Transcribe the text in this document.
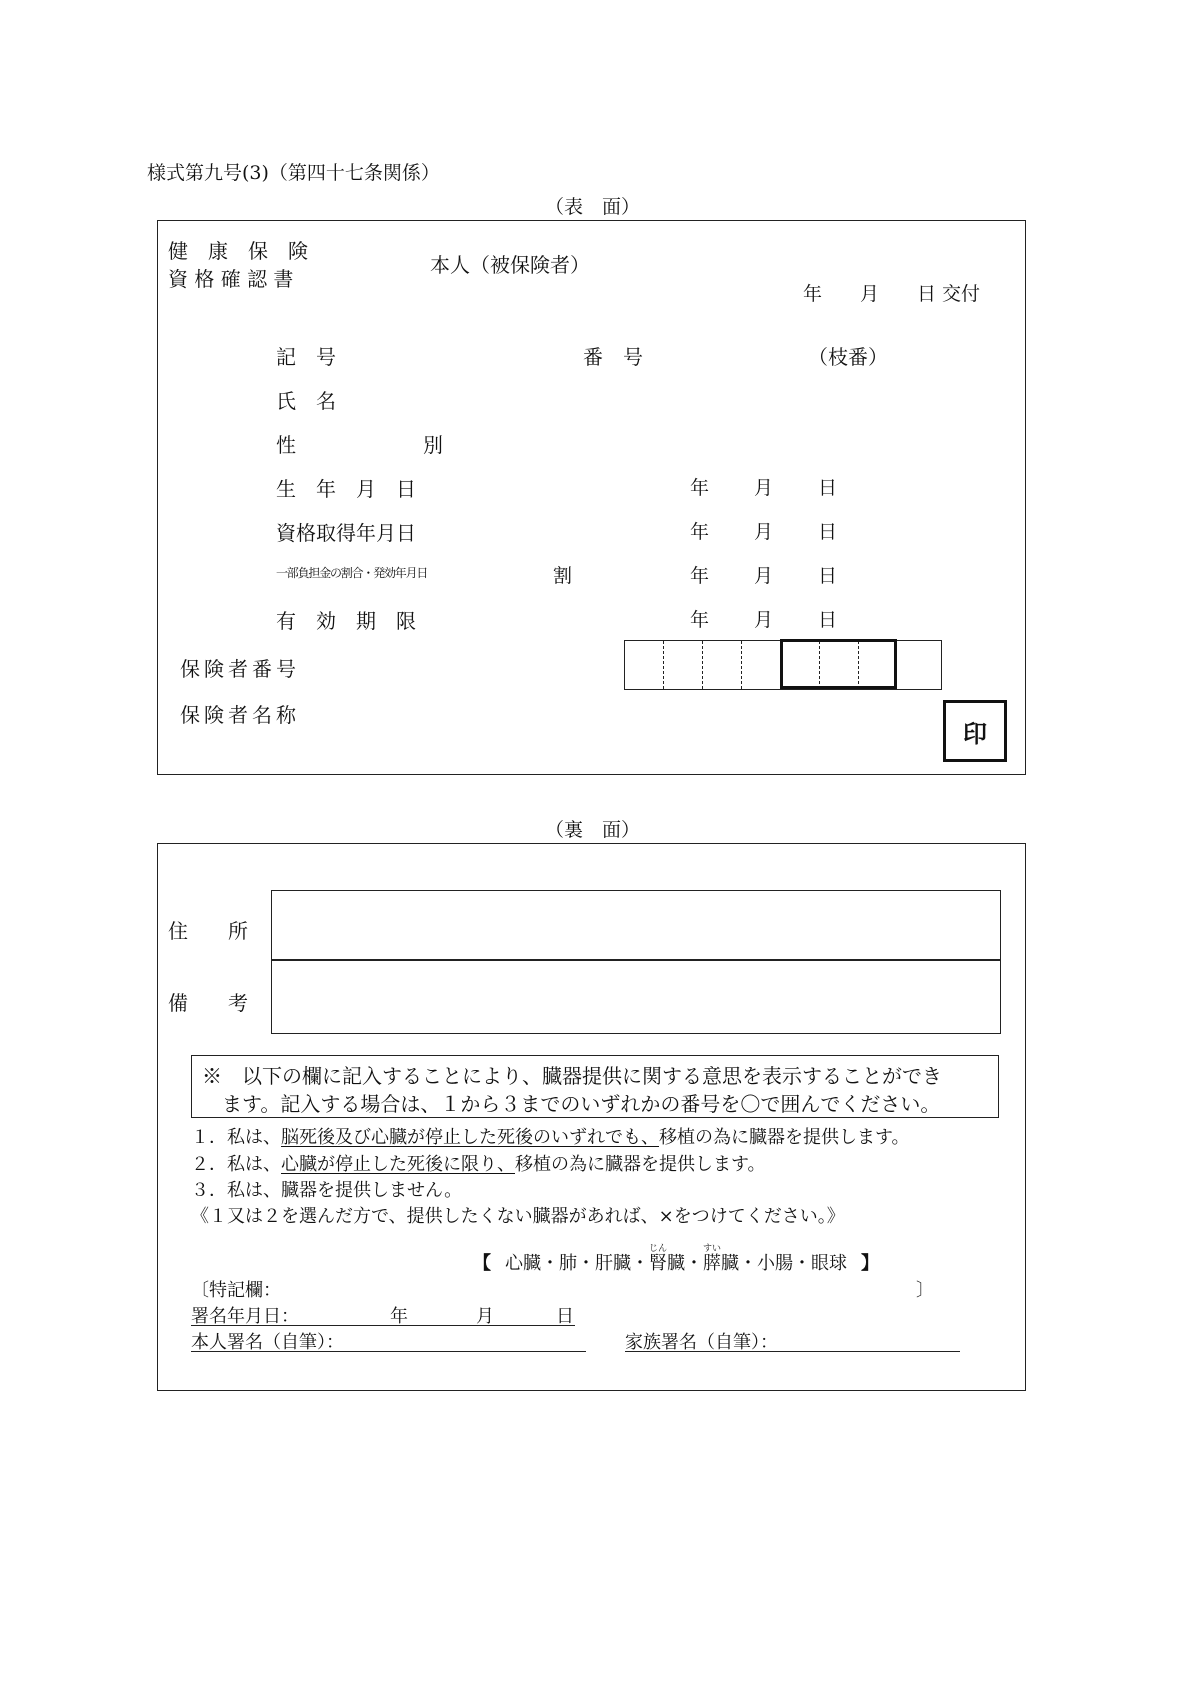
様式第九号(3)（第四十七条関係）
（表　面）
健　康　保　険
資 格 確 認 書
本人（被保険者）
年　　月　　日 交付
記　号	番　号	（枝番）
氏　名
性	別
生　年　月　日	年 月 日
資格取得年月日	年 月 日
一部負担金の割合・発効年月日	割	年 月 日
有　効　期　限	年 月 日
保険者番号
保険者名称
印
（裏　面）
住　　所
備　　考
※　以下の欄に記入することにより、臓器提供に関する意思を表示することができ
ます。記入する場合は、１から３までのいずれかの番号を〇で囲んでください。
１．私は、脳死後及び心臓が停止した死後のいずれでも、移植の為に臓器を提供します。
２．私は、心臓が停止した死後に限り、移植の為に臓器を提供します。
３．私は、臓器を提供しません。
《１又は２を選んだ方で、提供したくない臓器があれば、×をつけてください。》
【 心臓・肺・肝臓・腎じん臓・膵すい臓・小腸・眼球 】
〔特記欄：	〕
署名年月日：	年	月	日
本人署名（自筆）：	家族署名（自筆）：
